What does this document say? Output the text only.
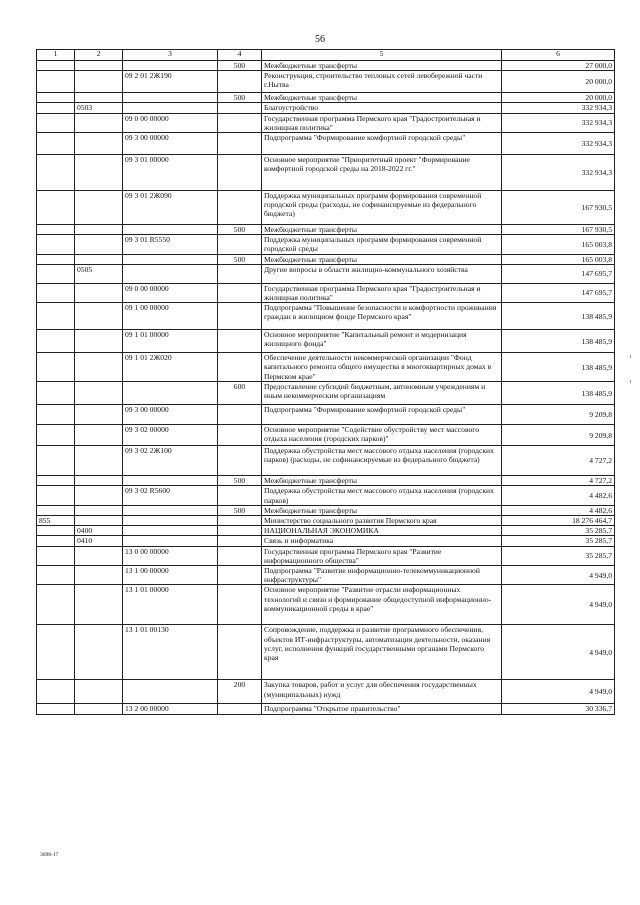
56
1	2	3	4	5	6
			500	Межбюджетные трансферты	27 000,0
		09 2 01 2Ж190		Реконструкция, строительство тепловых сетей левобережной части г.Нытва	20 000,0
			500	Межбюджетные трансферты	20 000,0
	0503			Благоустройство	332 934,3
		09 0 00 00000		Государственная программа Пермского края "Градостроительная и жилищная политика"	332 934,3
		09 3 00 00000		Подпрограмма "Формирование комфортной городской среды"	332 934,3
		09 3 01 00000		Основное мероприятие "Приоритетный проект "Формирование комфортной городской среды на 2018-2022 гг."	332 934,3
		09 3 01 2Ж090		Поддержка муниципальных программ формирования современной городской среды (расходы, не софинансируемые из федерального бюджета)	167 930,5
			500	Межбюджетные трансферты	167 930,5
		09 3 01 R5550		Поддержка муниципальных программ формирования современной городской среды	165 003,8
			500	Межбюджетные трансферты	165 003,8
	0505			Другие вопросы в области жилищно-коммунального хозяйства	147 695,7
		09 0 00 00000		Государственная программа Пермского края "Градостроительная и жилищная политика"	147 695,7
		09 1 00 00000		Подпрограмма "Повышение безопасности и комфортности проживания граждан в жилищном фонде Пермского края"	138 485,9
		09 1 01 00000		Основное мероприятие "Капитальный ремонт и модернизация жилищного фонда"	138 485,9
		09 1 01 2Ж020		Обеспечение деятельности некоммерческой организации "Фонд капитального ремонта общего имущества в многоквартирных домах в Пермском крае"	138 485,9
			600	Предоставление субсидий бюджетным, автономным учреждениям и иным некоммерческим организациям	138 485,9
		09 3 00 00000		Подпрограмма "Формирование комфортной городской среды"	9 209,8
		09 3 02 00000		Основное мероприятие "Содействие обустройству мест массового отдыха населения (городских парков)"	9 209,8
		09 3 02 2Ж100		Поддержка обустройства мест массового отдыха населения (городских парков) (расходы, не софинансируемые из федерального бюджета)	4 727,2
			500	Межбюджетные трансферты	4 727,2
		09 3 02 R5600		Поддержка обустройства мест массового отдыха населения (городских парков)	4 482,6
			500	Межбюджетные трансферты	4 482,6
855				Министерство социального развития Пермского края	18 276 464,7
	0400			НАЦИОНАЛЬНАЯ ЭКОНОМИКА	35 285,7
	0410			Связь и информатика	35 285,7
		13 0 00 00000		Государственная программа Пермского края "Развитие информационного общества"	35 285,7
		13 1 00 00000		Подпрограмма "Развитие информационно-телекоммуникационной инфраструктуры"	4 949,0
		13 1 01 00000		Основное мероприятие "Развитие отрасли информационных технологий и связи и формирование общедоступной информационно-коммуникационной среды в крае"	4 949,0
		13 1 01 00130		Сопровождение, поддержка и развитие программного обеспечения, объектов ИТ-инфраструктуры, автоматизация деятельности, оказания услуг, исполнения функций государственными органами Пермского края	4 949,0
			200	Закупка товаров, работ и услуг для обеспечения государственных (муниципальных) нужд	4 949,0
		13 2 00 00000		Подпрограмма "Открытое правительство"	30 336,7
3698-17
